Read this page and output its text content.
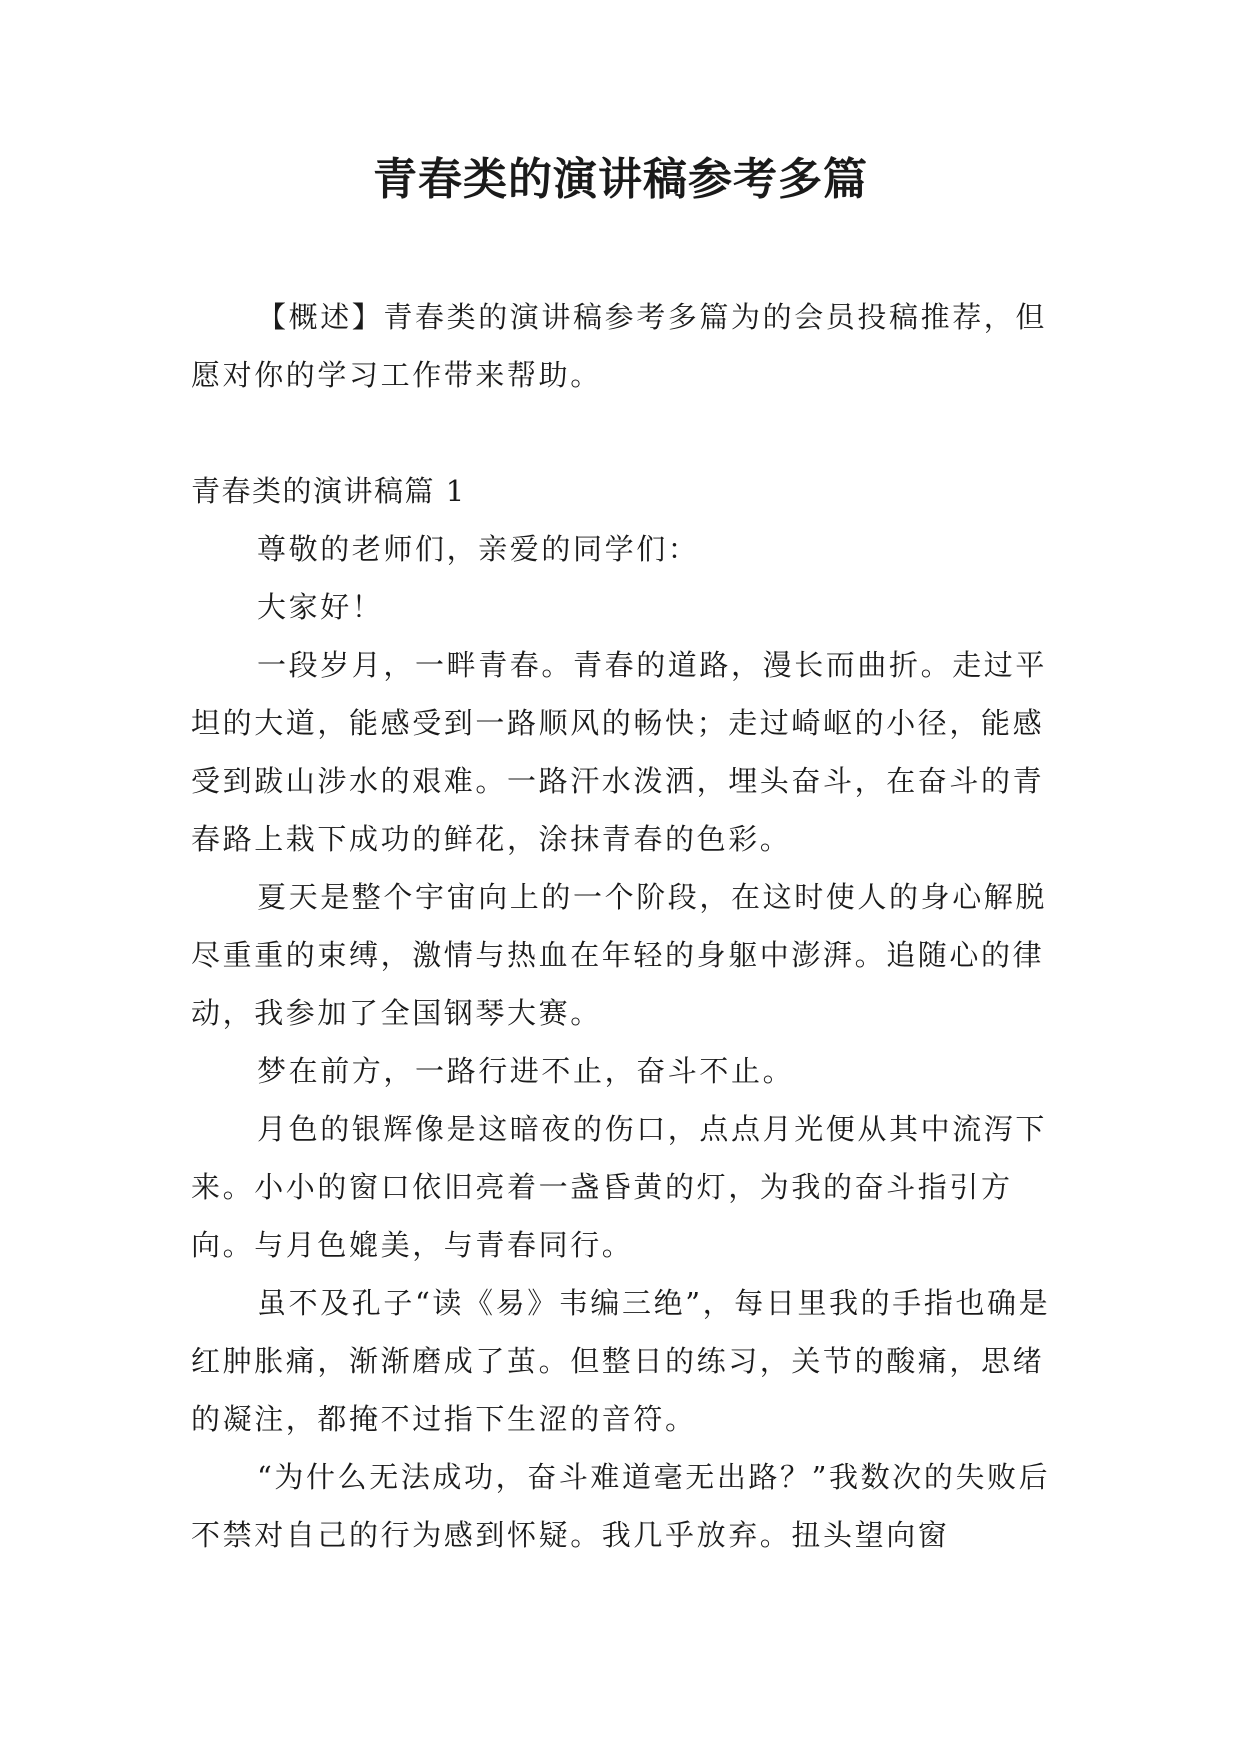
青春类的演讲稿参考多篇

【概述】青春类的演讲稿参考多篇为的会员投稿推荐，但愿对你的学习工作带来帮助。

青春类的演讲稿篇 1

尊敬的老师们，亲爱的同学们：

大家好！

一段岁月，一畔青春。青春的道路，漫长而曲折。走过平坦的大道，能感受到一路顺风的畅快；走过崎岖的小径，能感受到跋山涉水的艰难。一路汗水泼洒，埋头奋斗，在奋斗的青春路上栽下成功的鲜花，涂抹青春的色彩。

夏天是整个宇宙向上的一个阶段，在这时使人的身心解脱尽重重的束缚，激情与热血在年轻的身躯中澎湃。追随心的律动，我参加了全国钢琴大赛。

梦在前方，一路行进不止，奋斗不止。

月色的银辉像是这暗夜的伤口，点点月光便从其中流泻下来。小小的窗口依旧亮着一盏昏黄的灯，为我的奋斗指引方向。与月色媲美，与青春同行。

虽不及孔子“读《易》韦编三绝”，每日里我的手指也确是红肿胀痛，渐渐磨成了茧。但整日的练习，关节的酸痛，思绪的凝注，都掩不过指下生涩的音符。

“为什么无法成功，奋斗难道毫无出路？”我数次的失败后不禁对自己的行为感到怀疑。我几乎放弃。扭头望向窗
